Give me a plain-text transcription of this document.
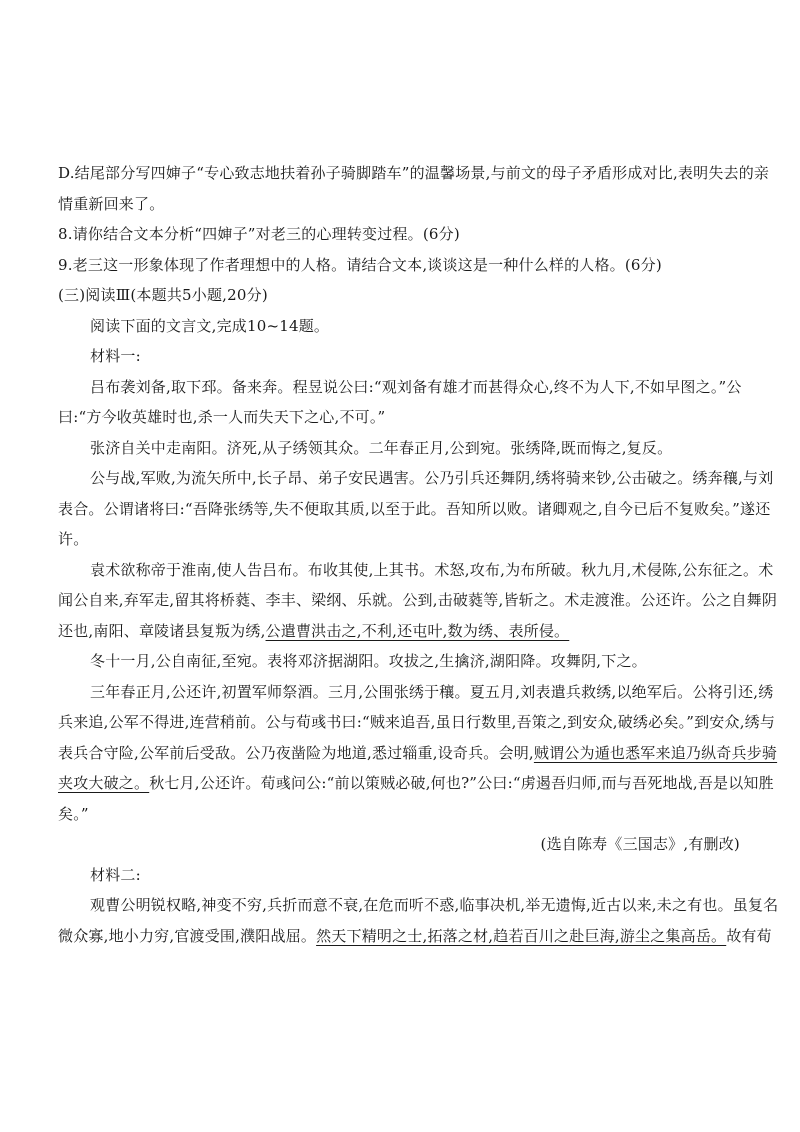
D.结尾部分写四婶子“专心致志地扶着孙子骑脚踏车”的温馨场景,与前文的母子矛盾形成对比,表明失去的亲
情重新回来了。
8.请你结合文本分析“四婶子”对老三的心理转变过程。(6分)
9.老三这一形象体现了作者理想中的人格。请结合文本,谈谈这是一种什么样的人格。(6分)
(三)阅读Ⅲ(本题共5小题,20分)
阅读下面的文言文,完成10~14题。
材料一:
吕布袭刘备,取下邳。备来奔。程昱说公曰:“观刘备有雄才而甚得众心,终不为人下,不如早图之。”公
曰:“方今收英雄时也,杀一人而失天下之心,不可。”
张济自关中走南阳。济死,从子绣领其众。二年春正月,公到宛。张绣降,既而悔之,复反。
公与战,军败,为流矢所中,长子昂、弟子安民遇害。公乃引兵还舞阴,绣将骑来钞,公击破之。绣奔穰,与刘
表合。公谓诸将曰:“吾降张绣等,失不便取其质,以至于此。吾知所以败。诸卿观之,自今已后不复败矣。”遂还
许。
袁术欲称帝于淮南,使人告吕布。布收其使,上其书。术怒,攻布,为布所破。秋九月,术侵陈,公东征之。术
闻公自来,弃军走,留其将桥蕤、李丰、梁纲、乐就。公到,击破蕤等,皆斩之。术走渡淮。公还许。公之自舞阴
还也,南阳、章陵诸县复叛为绣,公遣曹洪击之,不利,还屯叶,数为绣、表所侵。
冬十一月,公自南征,至宛。表将邓济据湖阳。攻拔之,生擒济,湖阳降。攻舞阴,下之。
三年春正月,公还许,初置军师祭酒。三月,公围张绣于穰。夏五月,刘表遣兵救绣,以绝军后。公将引还,绣
兵来追,公军不得进,连营稍前。公与荀彧书曰:“贼来追吾,虽日行数里,吾策之,到安众,破绣必矣。”到安众,绣与
表兵合守险,公军前后受敌。公乃夜凿险为地道,悉过辎重,设奇兵。会明,贼谓公为遁也悉军来追乃纵奇兵步骑
夹攻大破之。秋七月,公还许。荀彧问公:“前以策贼必破,何也?”公曰:“虏遏吾归师,而与吾死地战,吾是以知胜
矣。”
(选自陈寿《三国志》,有删改)
材料二:
观曹公明锐权略,神变不穷,兵折而意不衰,在危而听不惑,临事决机,举无遗悔,近古以来,未之有也。虽复名
微众寡,地小力穷,官渡受围,濮阳战屈。然天下精明之士,拓落之材,趋若百川之赴巨海,游尘之集高岳。故有荀
